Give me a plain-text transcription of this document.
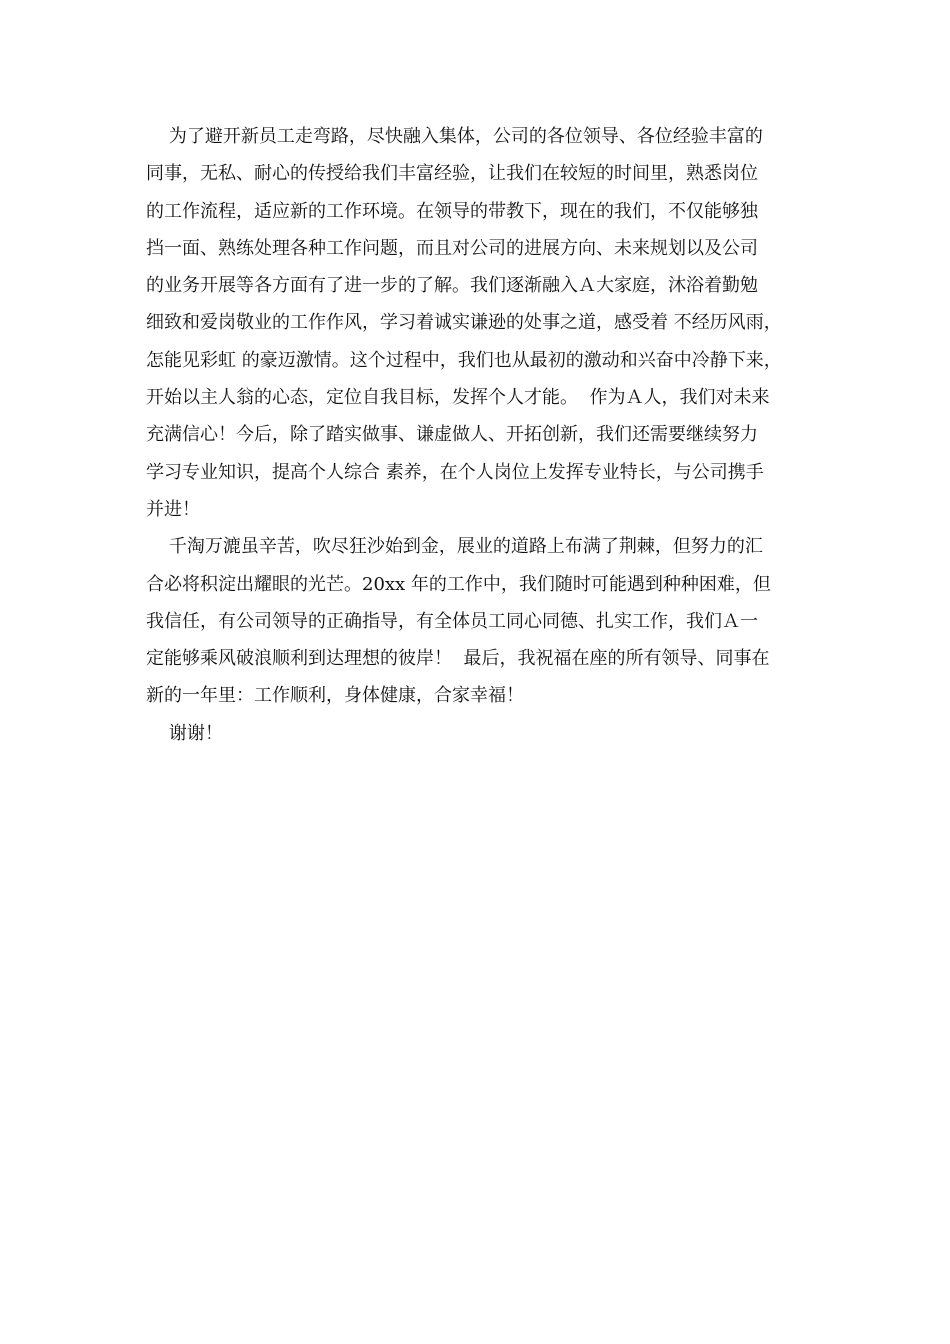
为了避开新员工走弯路，尽快融入集体，公司的各位领导、各位经验丰富的
同事，无私、耐心的传授给我们丰富经验，让我们在较短的时间里，熟悉岗位
的工作流程，适应新的工作环境。在领导的带教下，现在的我们，不仅能够独
挡一面、熟练处理各种工作问题，而且对公司的进展方向、未来规划以及公司
的业务开展等各方面有了进一步的了解。我们逐渐融入Ａ大家庭，沐浴着勤勉
细致和爱岗敬业的工作作风，学习着诚实谦逊的处事之道，感受着 不经历风雨，
怎能见彩虹 的豪迈激情。这个过程中，我们也从最初的激动和兴奋中冷静下来，
开始以主人翁的心态，定位自我目标，发挥个人才能。  作为Ａ人，我们对未来
充满信心！今后，除了踏实做事、谦虚做人、开拓创新，我们还需要继续努力
学习专业知识，提高个人综合 素养，在个人岗位上发挥专业特长，与公司携手
并进！
千淘万漉虽辛苦，吹尽狂沙始到金，展业的道路上布满了荆棘，但努力的汇
合必将积淀出耀眼的光芒。20xx 年的工作中，我们随时可能遇到种种困难，但
我信任，有公司领导的正确指导，有全体员工同心同德、扎实工作，我们Ａ一
定能够乘风破浪顺利到达理想的彼岸！  最后，我祝福在座的所有领导、同事在
新的一年里：工作顺利，身体健康，合家幸福！
谢谢！
